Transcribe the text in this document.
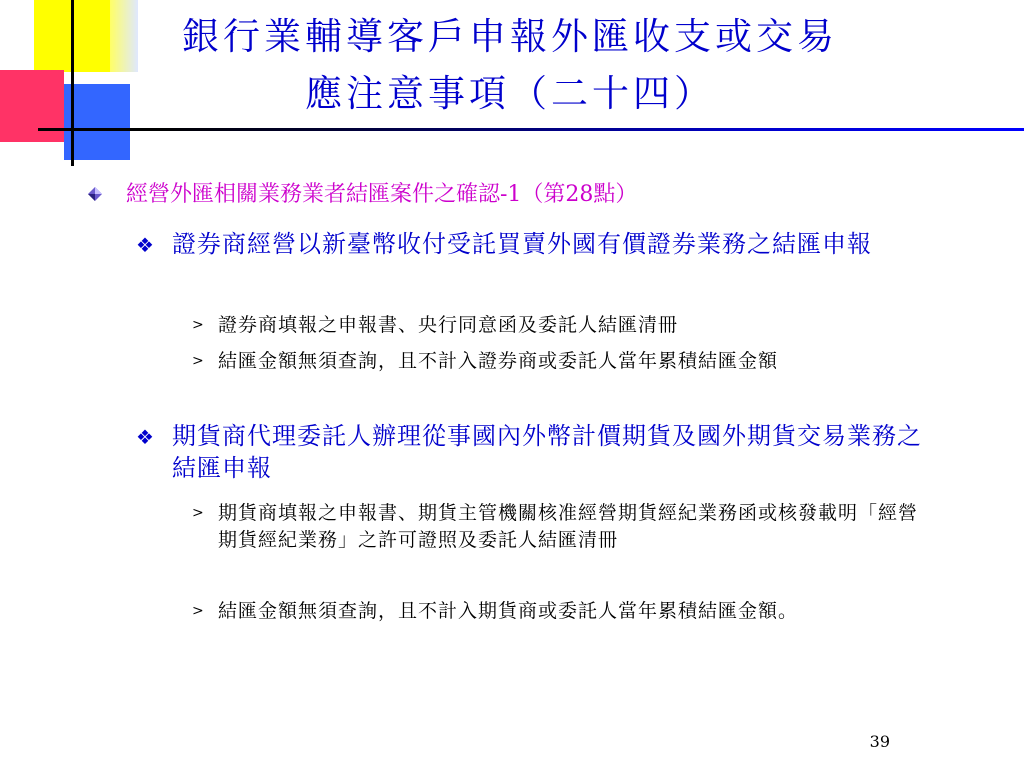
銀行業輔導客戶申報外匯收支或交易
應注意事項（二十四）
經營外匯相關業務業者結匯案件之確認-1（第28點）
❖ 證券商經營以新臺幣收付受託買賣外國有價證券業務之結匯申報
> 證券商填報之申報書、央行同意函及委託人結匯清冊
> 結匯金額無須查詢，且不計入證券商或委託人當年累積結匯金額
❖ 期貨商代理委託人辦理從事國內外幣計價期貨及國外期貨交易業務之結匯申報
> 期貨商填報之申報書、期貨主管機關核准經營期貨經紀業務函或核發載明「經營期貨經紀業務」之許可證照及委託人結匯清冊
> 結匯金額無須查詢，且不計入期貨商或委託人當年累積結匯金額。
39
